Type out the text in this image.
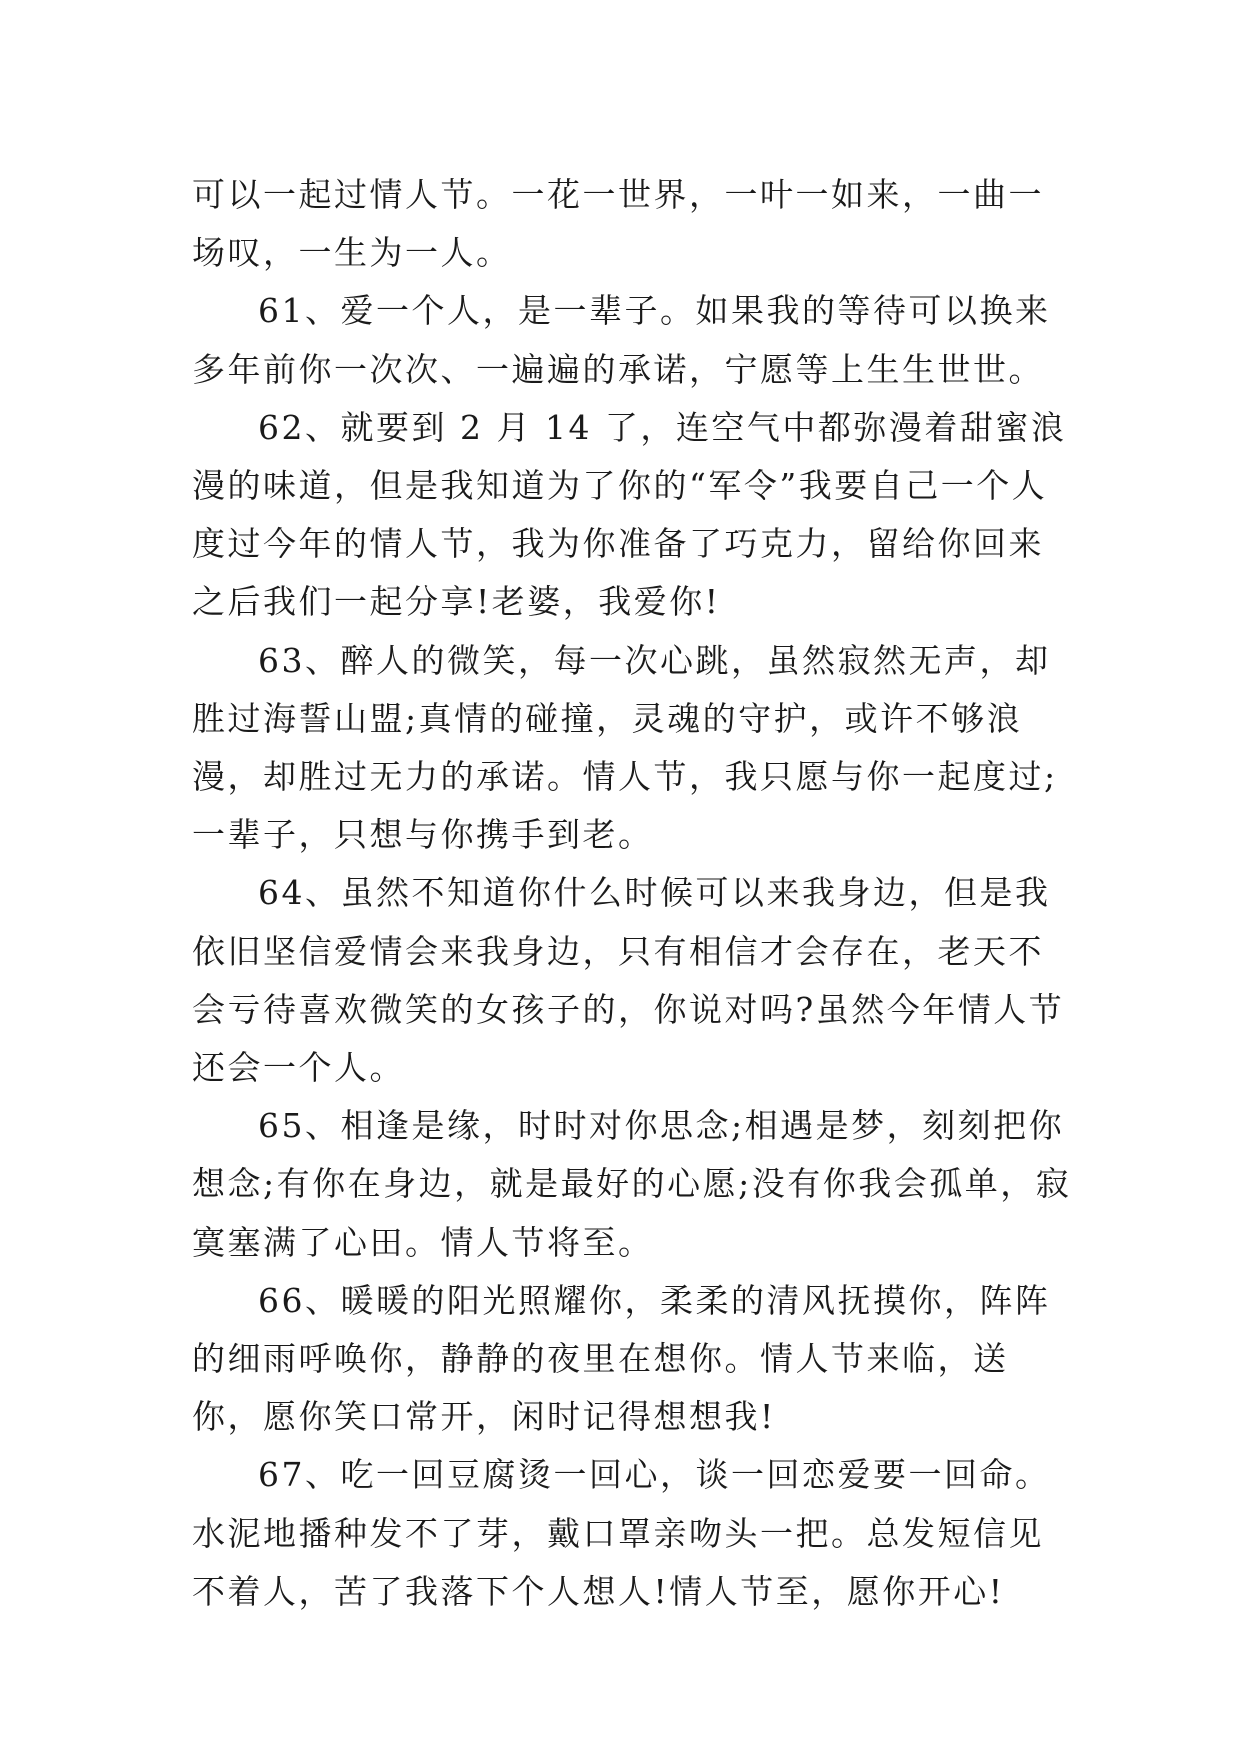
可以一起过情人节。一花一世界，一叶一如来，一曲一场叹，一生为一人。

61、爱一个人，是一辈子。如果我的等待可以换来多年前你一次次、一遍遍的承诺，宁愿等上生生世世。

62、就要到 2 月 14 了，连空气中都弥漫着甜蜜浪漫的味道，但是我知道为了你的“军令”我要自己一个人度过今年的情人节，我为你准备了巧克力，留给你回来之后我们一起分享!老婆，我爱你!

63、醉人的微笑，每一次心跳，虽然寂然无声，却胜过海誓山盟;真情的碰撞，灵魂的守护，或许不够浪漫，却胜过无力的承诺。情人节，我只愿与你一起度过;一辈子，只想与你携手到老。

64、虽然不知道你什么时候可以来我身边，但是我依旧坚信爱情会来我身边，只有相信才会存在，老天不会亏待喜欢微笑的女孩子的，你说对吗?虽然今年情人节还会一个人。

65、相逢是缘，时时对你思念;相遇是梦，刻刻把你想念;有你在身边，就是最好的心愿;没有你我会孤单，寂寞塞满了心田。情人节将至。

66、暖暖的阳光照耀你，柔柔的清风抚摸你，阵阵的细雨呼唤你，静静的夜里在想你。情人节来临，送你，愿你笑口常开，闲时记得想想我!

67、吃一回豆腐烫一回心，谈一回恋爱要一回命。水泥地播种发不了芽，戴口罩亲吻头一把。总发短信见不着人，苦了我落下个人想人!情人节至，愿你开心!
